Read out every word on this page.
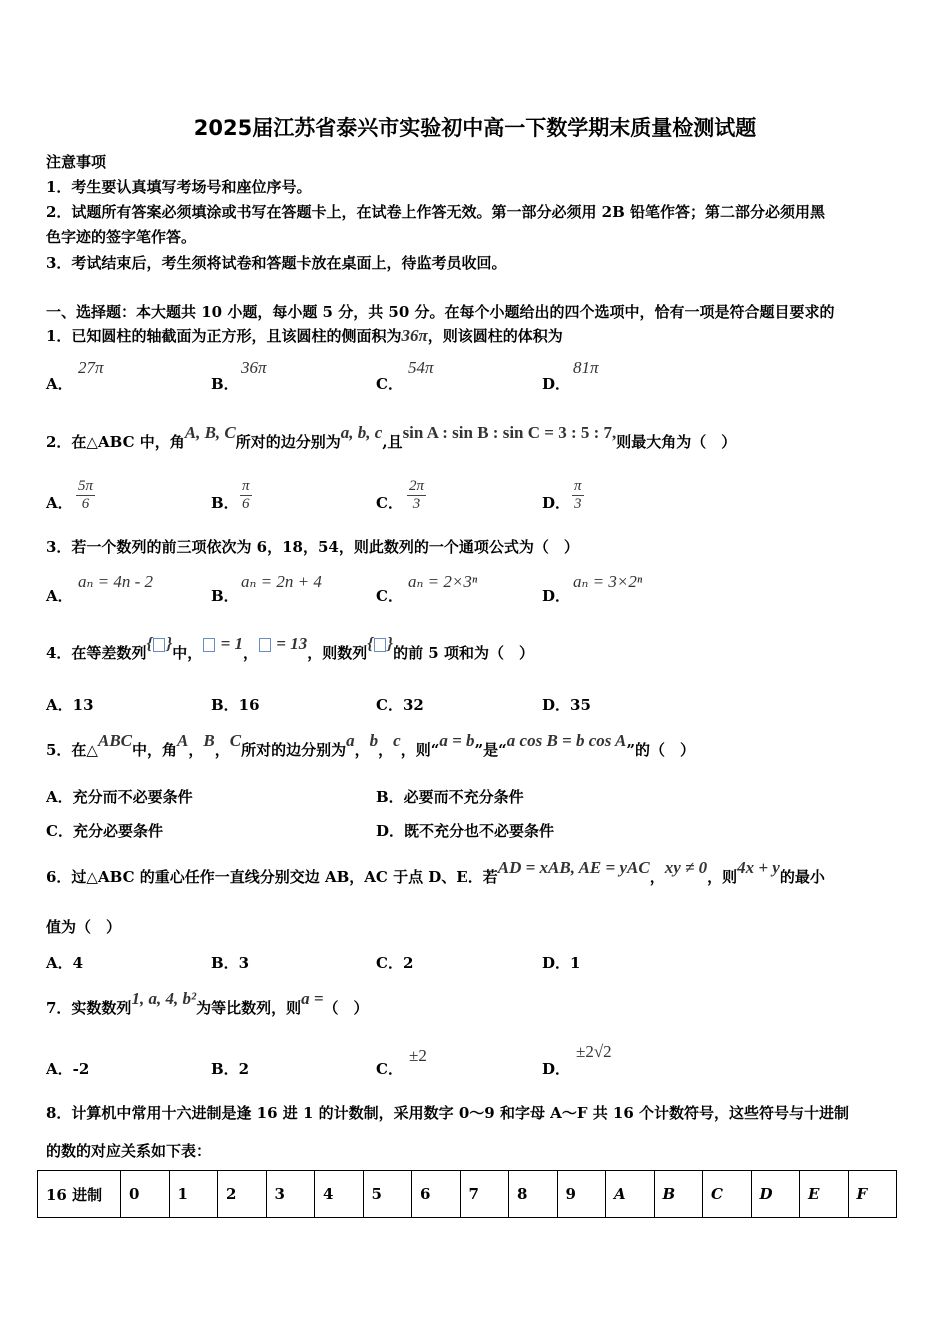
2025届江苏省泰兴市实验初中高一下数学期末质量检测试题
注意事项
1．考生要认真填写考场号和座位序号。
2．试题所有答案必须填涂或书写在答题卡上，在试卷上作答无效。第一部分必须用 2B 铅笔作答；第二部分必须用黑
色字迹的签字笔作答。
3．考试结束后，考生须将试卷和答题卡放在桌面上，待监考员收回。
一、选择题：本大题共 10 小题，每小题 5 分，共 50 分。在每个小题给出的四个选项中，恰有一项是符合题目要求的
1．已知圆柱的轴截面为正方形，且该圆柱的侧面积为36π，则该圆柱的体积为
A．
27π
B．
36π
C．
54π
D．
81π
2．在△ABC 中，角A, B, C所对的边分别为a, b, c,且sin A : sin B : sin C = 3 : 5 : 7,则最大角为（　）
A． $\frac{5\pi}{6}$	B． $\frac{\pi}{6}$	C． $\frac{2\pi}{3}$	D． $\frac{\pi}{3}$
3．若一个数列的前三项依次为 6，18，54，则此数列的一个通项公式为（　）
A．
aₙ = 4n - 2
B．
aₙ = 2n + 4
C．
aₙ = 2×3ⁿ
D．
aₙ = 3×2ⁿ
4．在等差数列{ }中， = 1， = 13，则数列{ }的前 5 项和为（　）
A．13	B．16	C．32	D．35
5．在△ABC中，角A，B，C所对的边分别为a，b，c，则“a = b”是“a cos B = b cos A”的（　）
A．充分而不必要条件	B．必要而不充分条件
C．充分必要条件	D．既不充分也不必要条件
6．过△ABC 的重心任作一直线分别交边 AB，AC 于点 D、E．若AD = xAB, AE = yAC，xy ≠ 0，则4x + y的最小
值为（　）
A．4	B．3	C．2	D．1
7．实数数列1, a, 4, b²为等比数列，则a =（　）
A．-2	B．2	C．
±2
D．
±2√2
8．计算机中常用十六进制是逢 16 进 1 的计数制，采用数字 0～9 和字母 A～F 共 16 个计数符号，这些符号与十进制
的数的对应关系如下表：
16 进制	0	1	2	3	4	5	6	7	8	9	A	B	C	D	E	F
